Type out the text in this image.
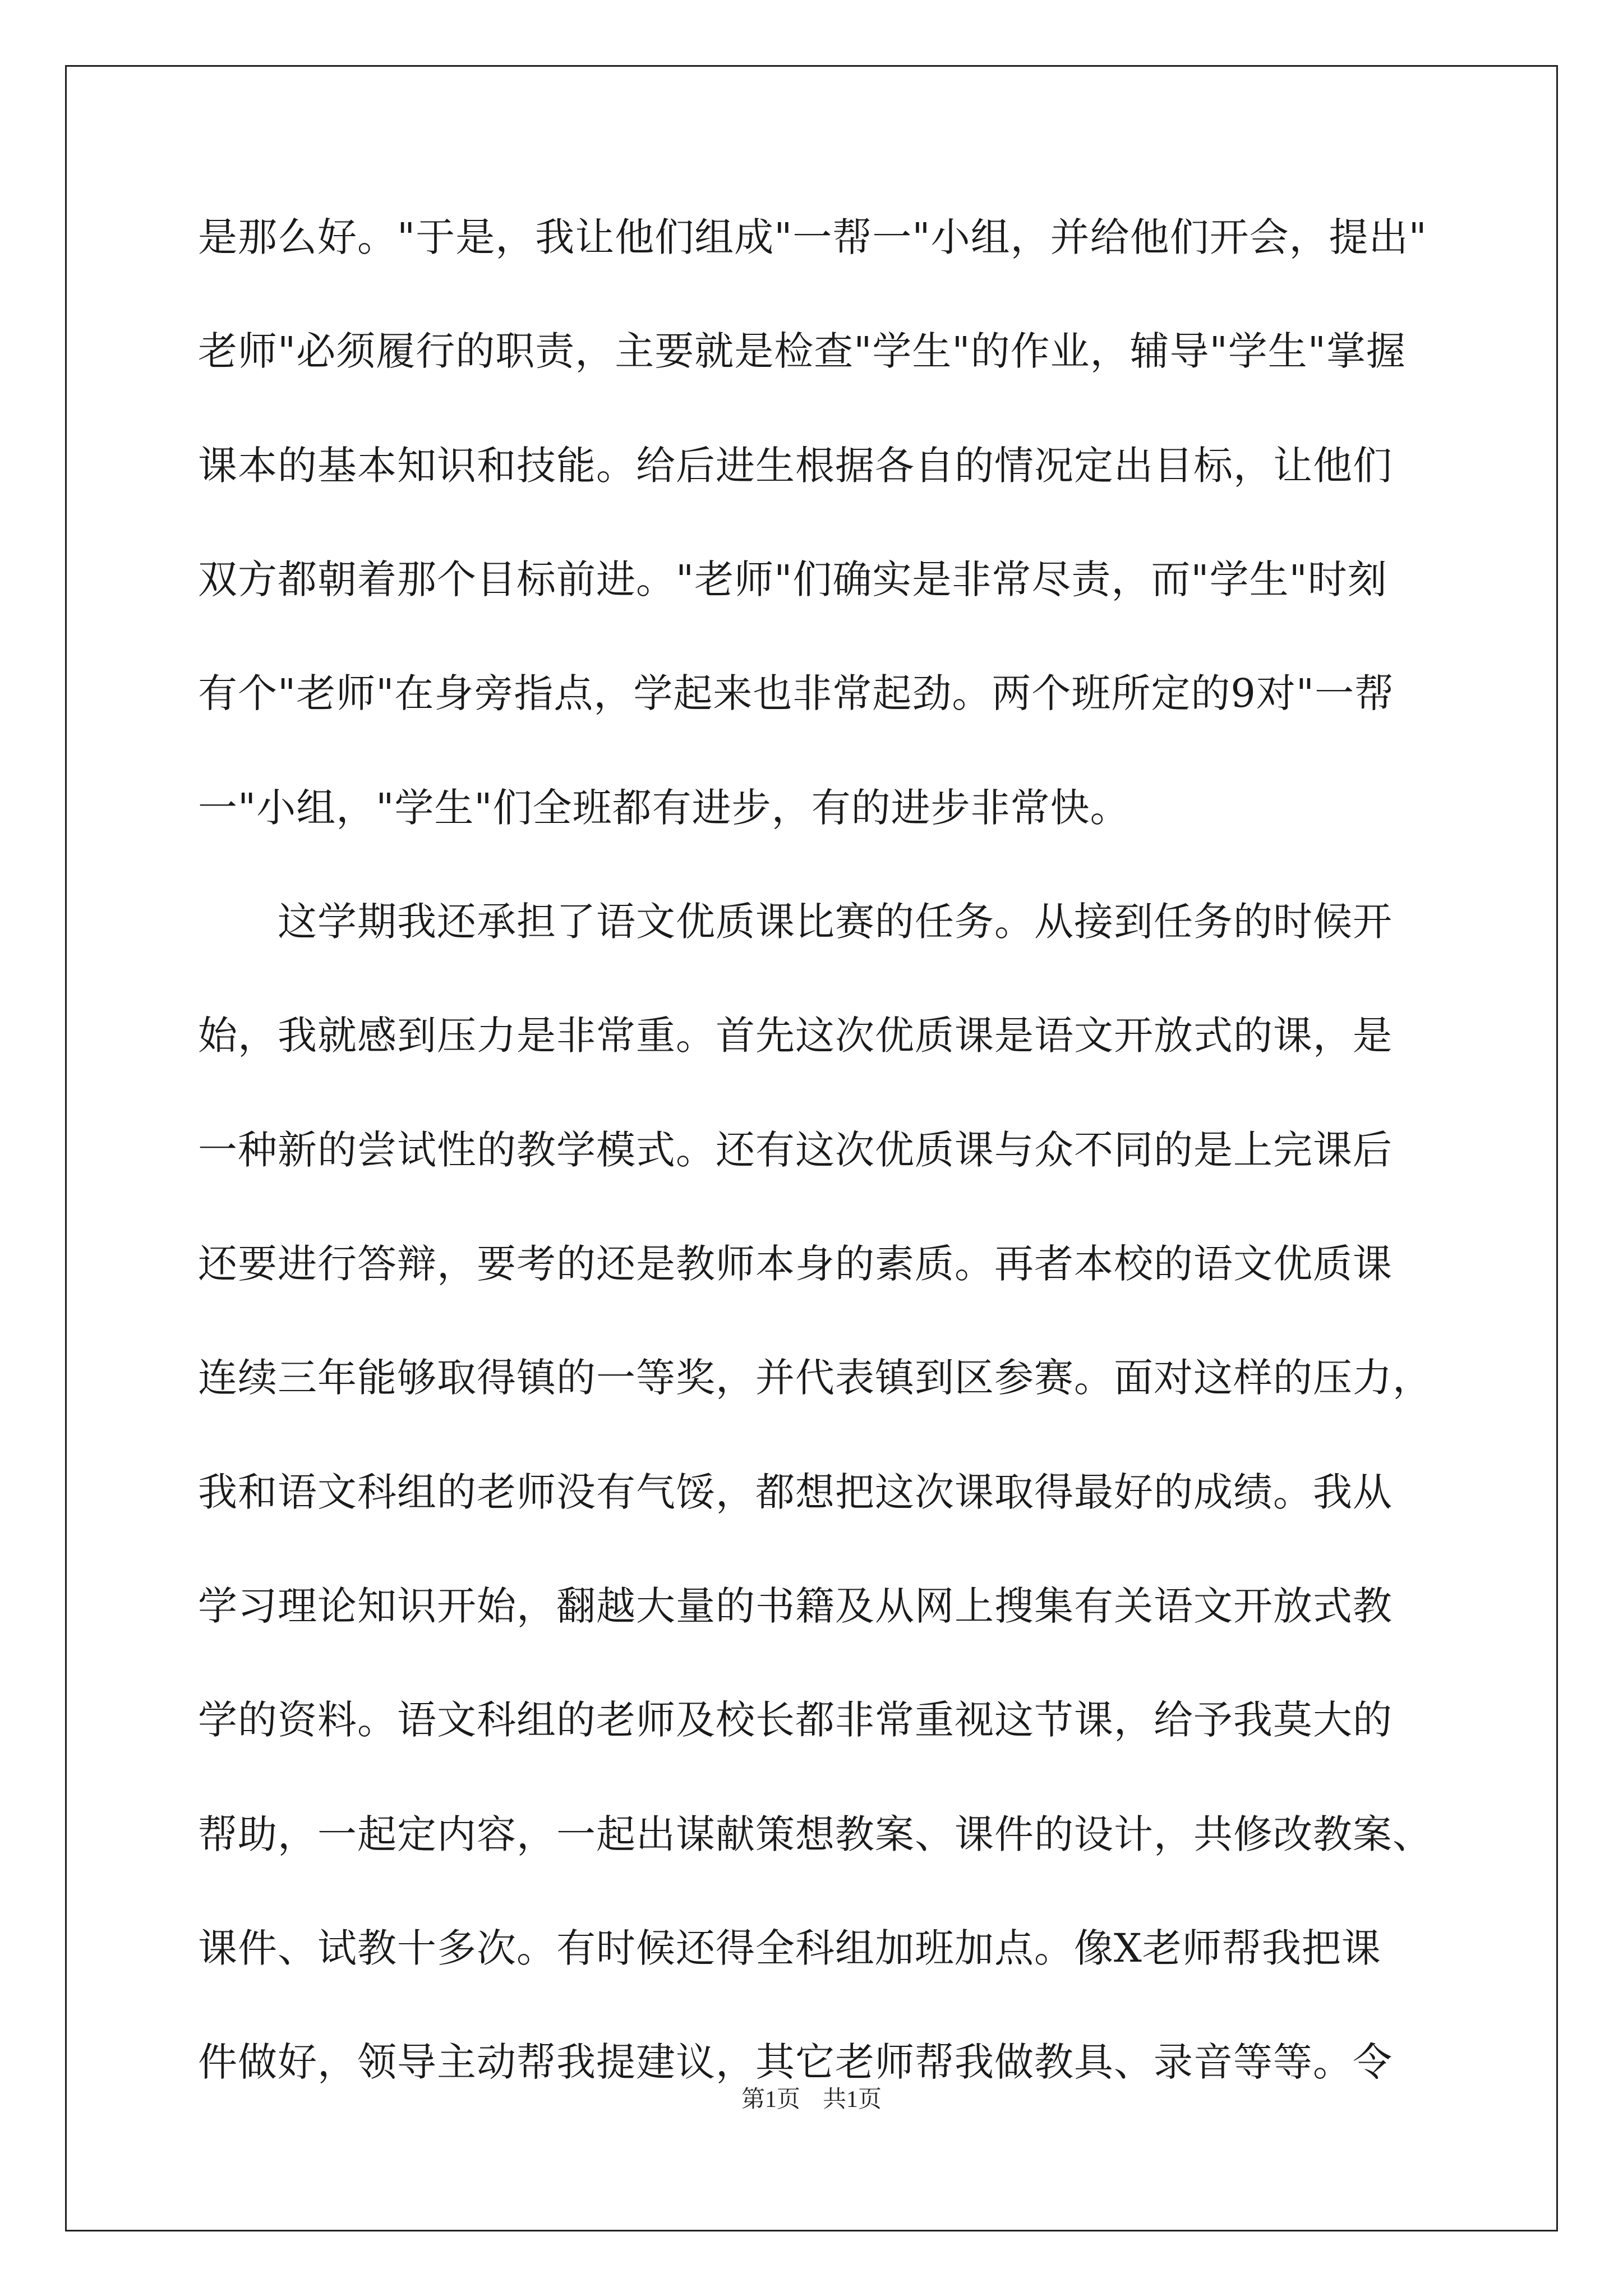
是那么好。"于是，我让他们组成"一帮一"小组，并给他们开会，提出"
老师"必须履行的职责，主要就是检查"学生"的作业，辅导"学生"掌握
课本的基本知识和技能。给后进生根据各自的情况定出目标，让他们
双方都朝着那个目标前进。"老师"们确实是非常尽责，而"学生"时刻
有个"老师"在身旁指点，学起来也非常起劲。两个班所定的9对"一帮
一"小组，"学生"们全班都有进步，有的进步非常快。
　　这学期我还承担了语文优质课比赛的任务。从接到任务的时候开
始，我就感到压力是非常重。首先这次优质课是语文开放式的课，是
一种新的尝试性的教学模式。还有这次优质课与众不同的是上完课后
还要进行答辩，要考的还是教师本身的素质。再者本校的语文优质课
连续三年能够取得镇的一等奖，并代表镇到区参赛。面对这样的压力，
我和语文科组的老师没有气馁，都想把这次课取得最好的成绩。我从
学习理论知识开始，翻越大量的书籍及从网上搜集有关语文开放式教
学的资料。语文科组的老师及校长都非常重视这节课，给予我莫大的
帮助，一起定内容，一起出谋献策想教案、课件的设计，共修改教案、
课件、试教十多次。有时候还得全科组加班加点。像X老师帮我把课
件做好，领导主动帮我提建议，其它老师帮我做教具、录音等等。令
第1页 共1页
